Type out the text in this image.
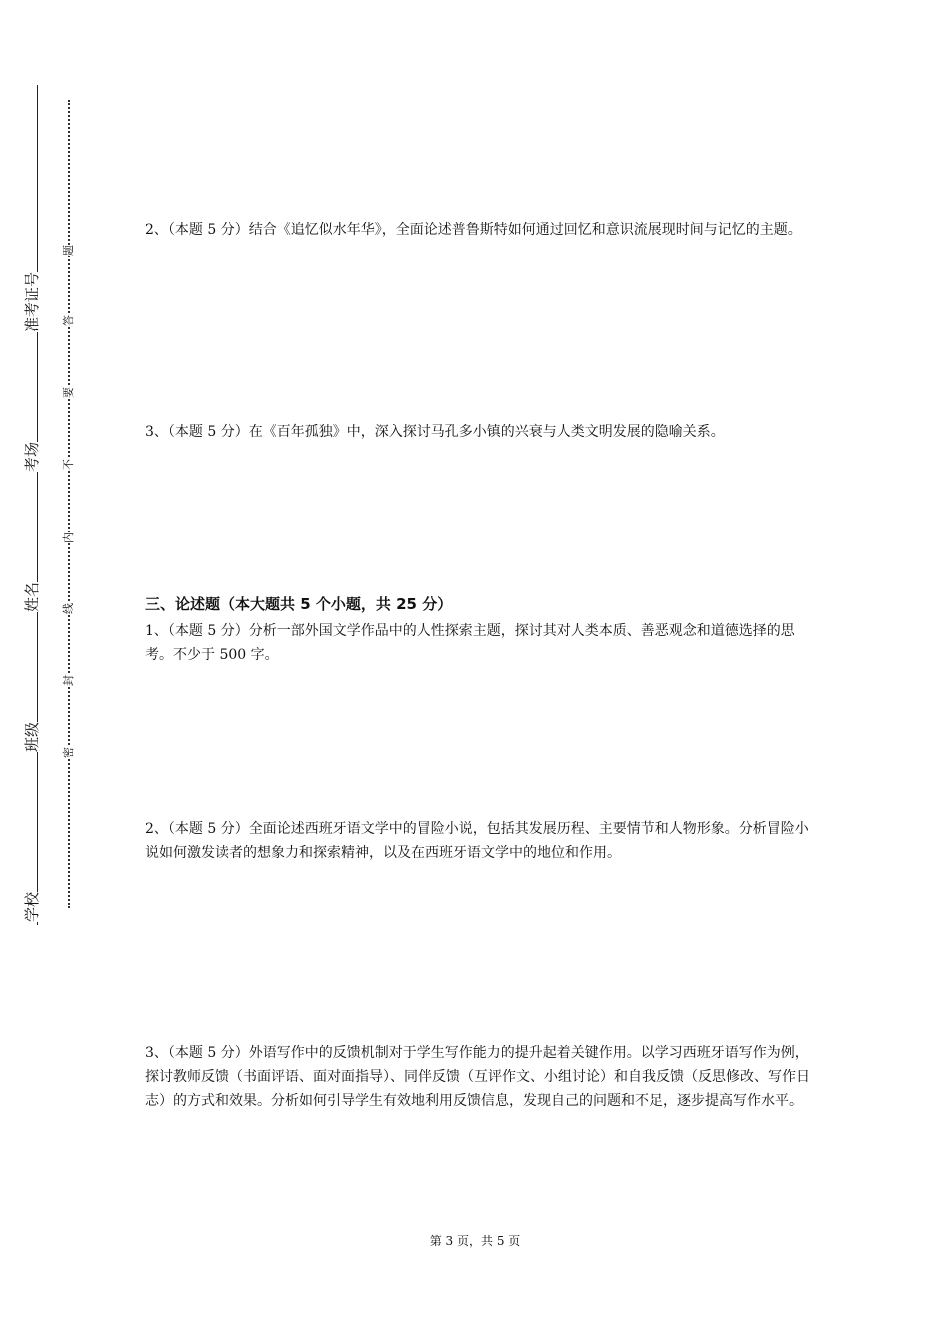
准考证号
考场
姓名
班级
学校
题
答
要
不
内
线
封
密
2、（本题 5 分）结合《追忆似水年华》，全面论述普鲁斯特如何通过回忆和意识流展现时间与记忆的主题。
3、（本题 5 分）在《百年孤独》中，深入探讨马孔多小镇的兴衰与人类文明发展的隐喻关系。
三、论述题（本大题共 5 个小题，共 25 分）
1、（本题 5 分）分析一部外国文学作品中的人性探索主题，探讨其对人类本质、善恶观念和道德选择的思考。不少于 500 字。
2、（本题 5 分）全面论述西班牙语文学中的冒险小说，包括其发展历程、主要情节和人物形象。分析冒险小说如何激发读者的想象力和探索精神，以及在西班牙语文学中的地位和作用。
3、（本题 5 分）外语写作中的反馈机制对于学生写作能力的提升起着关键作用。以学习西班牙语写作为例，探讨教师反馈（书面评语、面对面指导）、同伴反馈（互评作文、小组讨论）和自我反馈（反思修改、写作日志）的方式和效果。分析如何引导学生有效地利用反馈信息，发现自己的问题和不足，逐步提高写作水平。
第 3 页，共 5 页
